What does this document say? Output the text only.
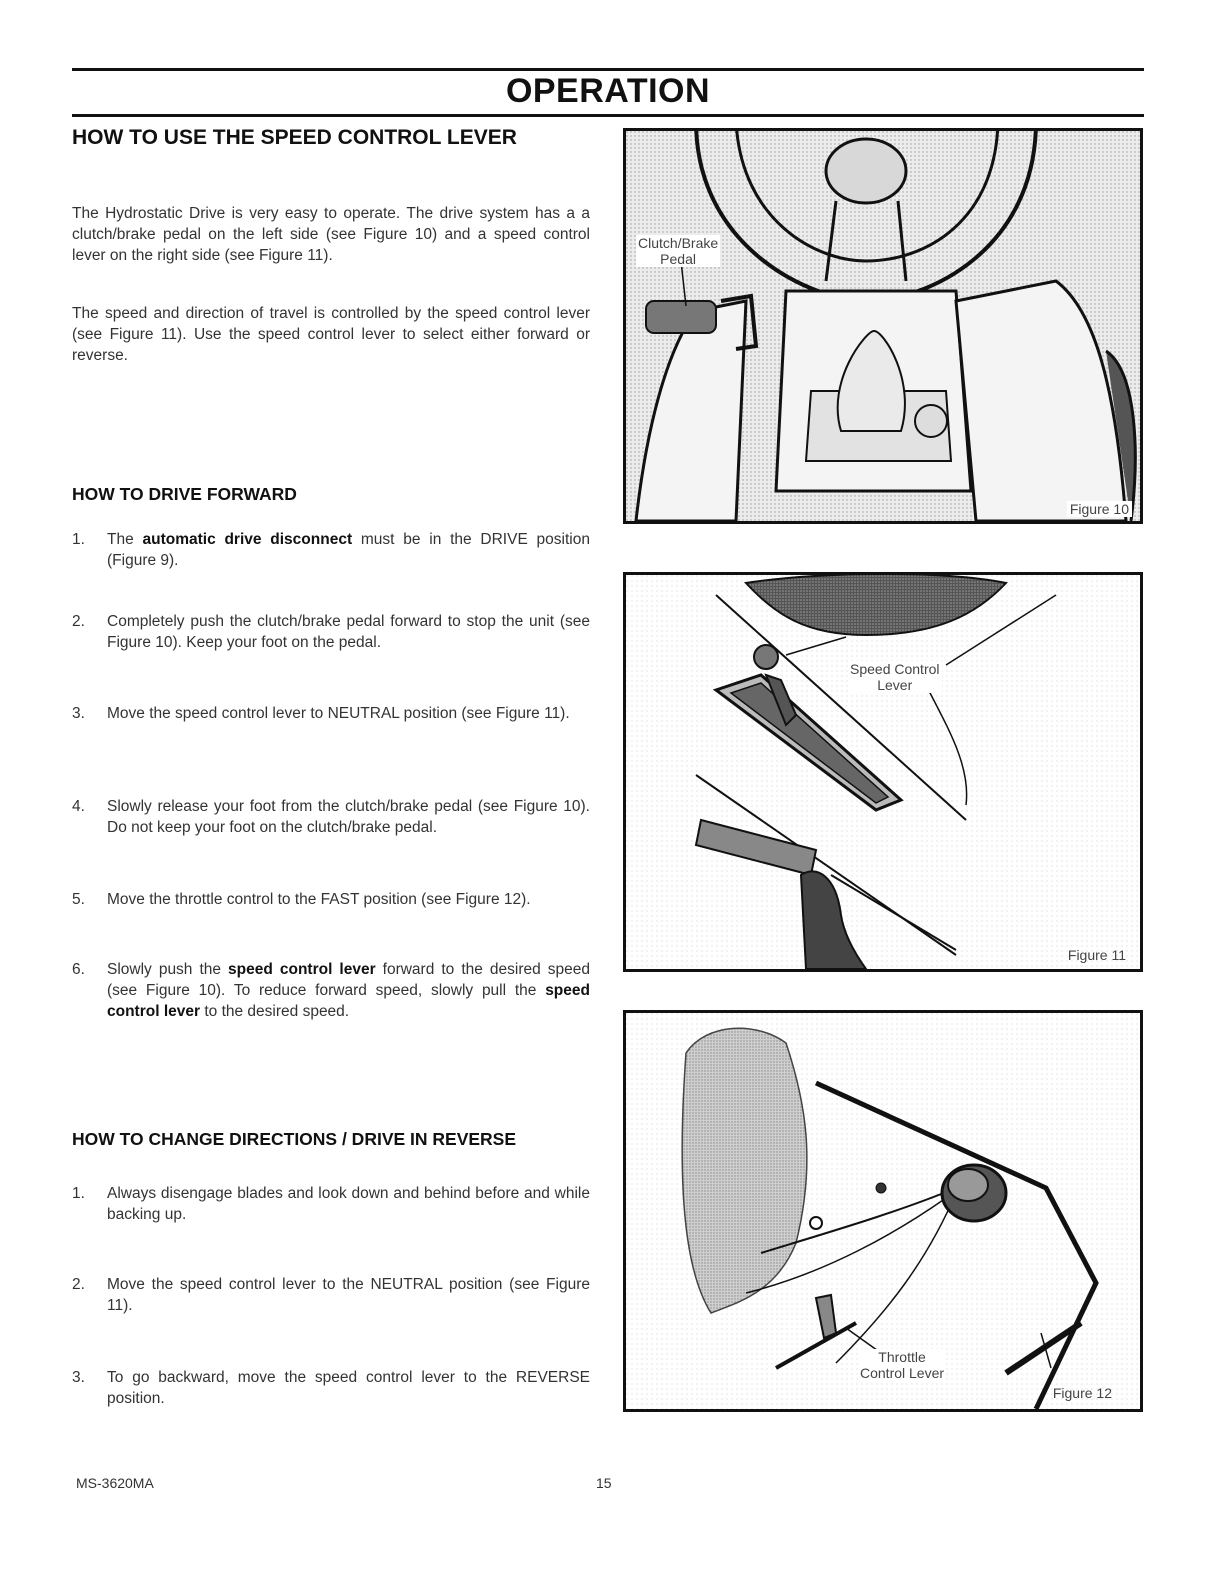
OPERATION
HOW TO USE THE SPEED CONTROL LEVER

The Hydrostatic Drive is very easy to operate. The drive system has a a clutch/brake pedal on the left side (see Figure 10) and a speed control lever on the right side (see Figure 11).

The speed and direction of travel is controlled by the speed control lever (see Figure 11). Use the speed control lever to select either forward or reverse.

HOW TO DRIVE FORWARD
1. The automatic drive disconnect must be in the DRIVE position (Figure 9).
2. Completely push the clutch/brake pedal forward to stop the unit (see Figure 10). Keep your foot on the pedal.
3. Move the speed control lever to NEUTRAL position (see Figure 11).
4. Slowly release your foot from the clutch/brake pedal (see Figure 10). Do not keep your foot on the clutch/brake pedal.
5. Move the throttle control to the FAST position (see Figure 12).
6. Slowly push the speed control lever forward to the desired speed (see Figure 10). To reduce forward speed, slowly pull the speed control lever to the desired speed.
HOW TO CHANGE DIRECTIONS / DRIVE IN REVERSE
1. Always disengage blades and look down and behind before and while backing up.
2. Move the speed control lever to the NEUTRAL position (see Figure 11).
3. To go backward, move the speed control lever to the REVERSE position.
Clutch/Brake
Pedal
Figure 10
Speed Control
Lever
Figure 11
Throttle
Control Lever
Figure 12
MS-3620MA	15
